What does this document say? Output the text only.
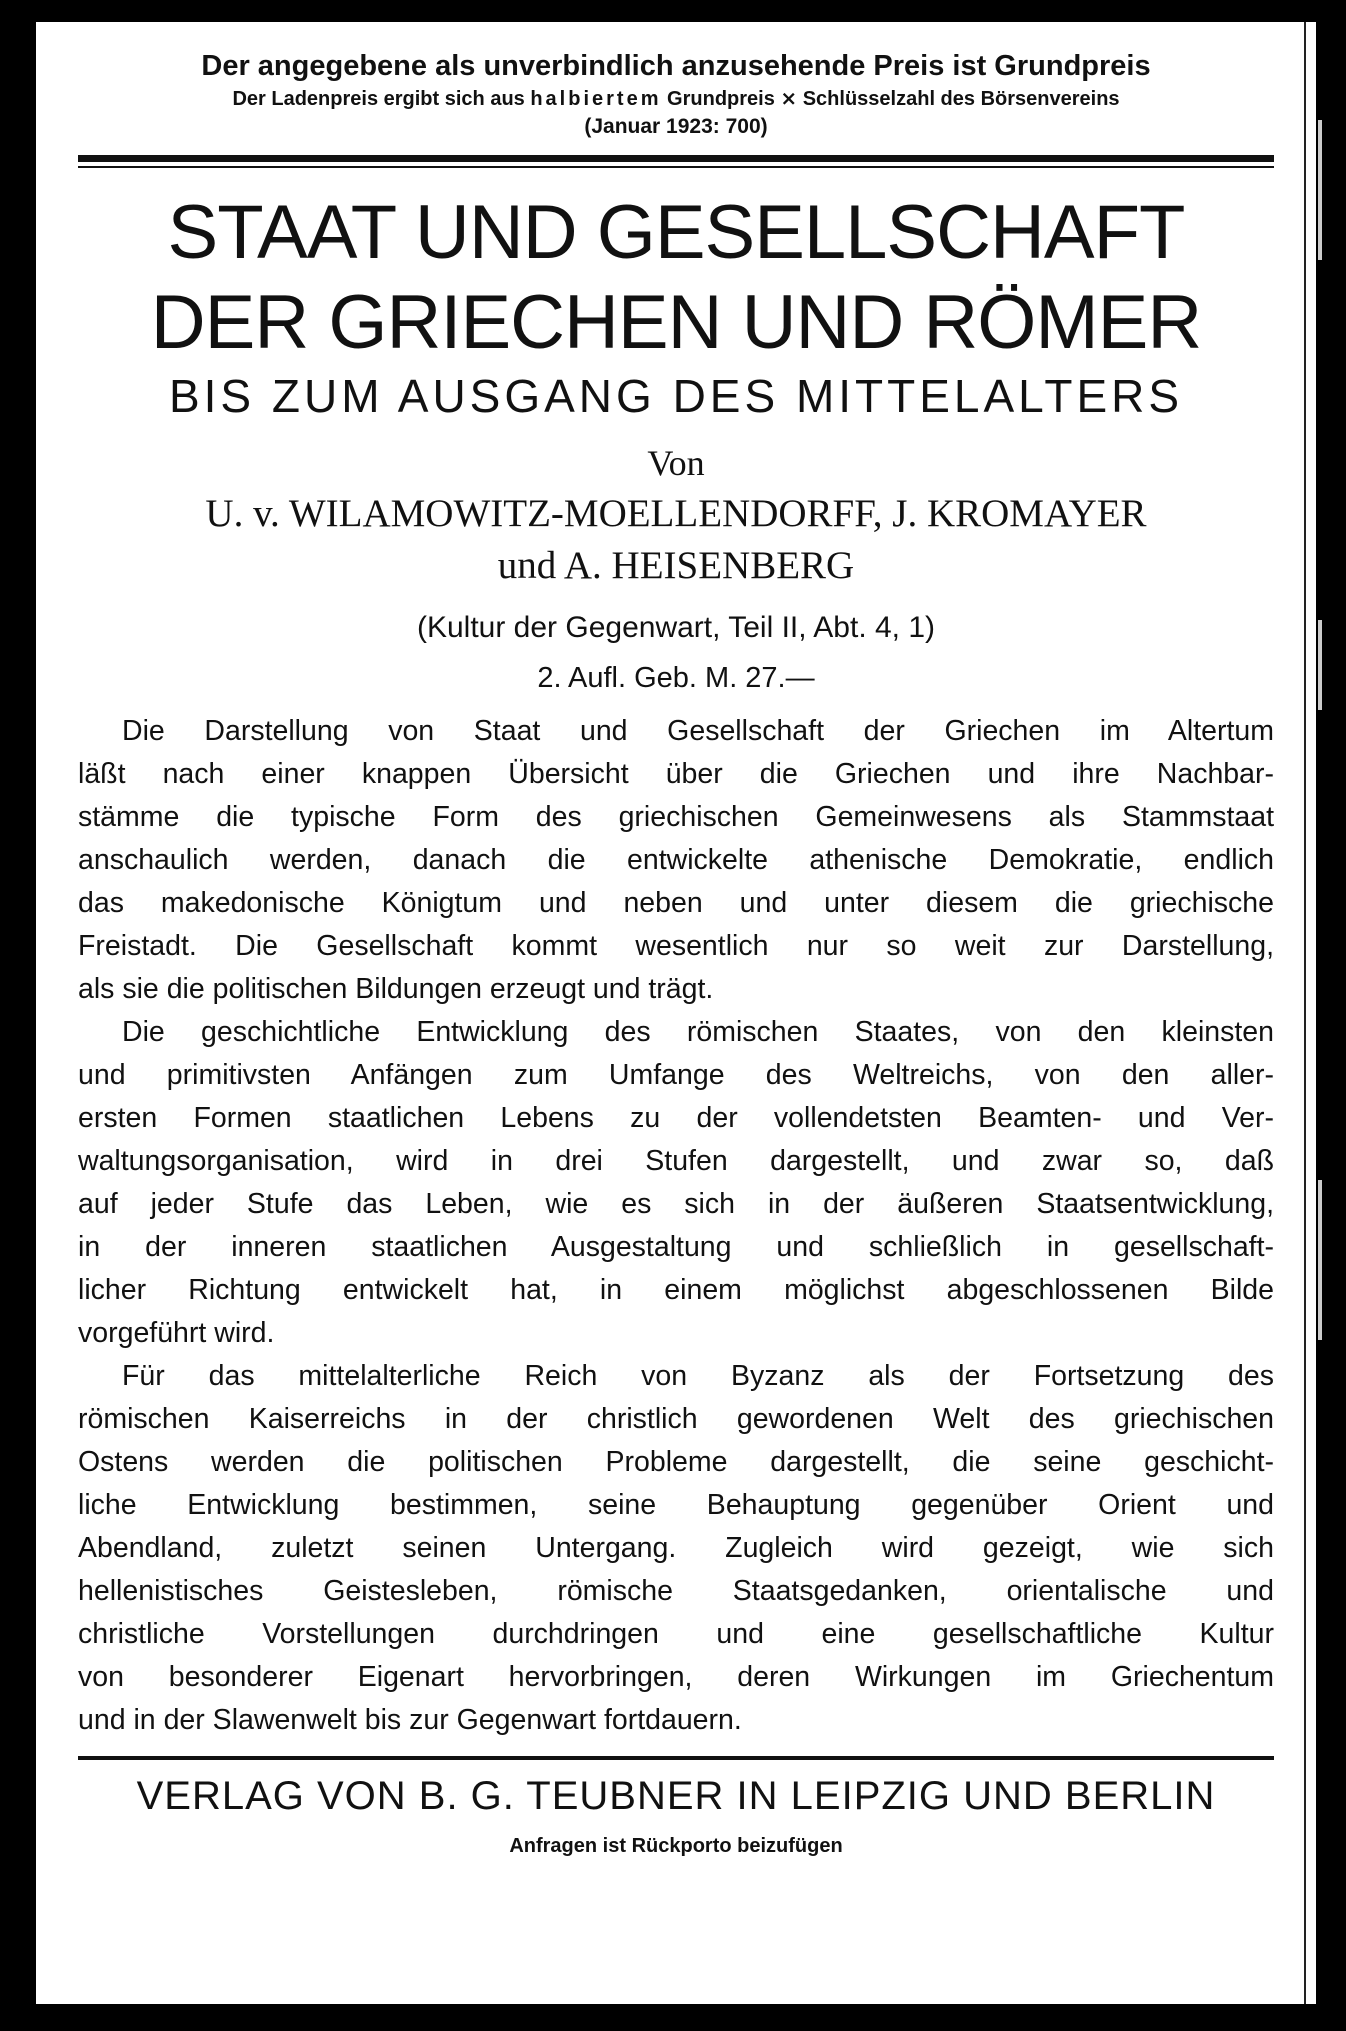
Der angegebene als unverbindlich anzusehende Preis ist Grundpreis
Der Ladenpreis ergibt sich aus halbiertem Grundpreis ⨯ Schlüsselzahl des Börsenvereins
(Januar 1923: 700)
STAAT UND GESELLSCHAFT
DER GRIECHEN UND RÖMER
BIS ZUM AUSGANG DES MITTELALTERS
Von
U. v. WILAMOWITZ-MOELLENDORFF, J. KROMAYER
und A. HEISENBERG
(Kultur der Gegenwart, Teil II, Abt. 4, 1)
2. Aufl. Geb. M. 27.—

Die Darstellung von Staat und Gesellschaft der Griechen im Altertum
läßt nach einer knappen Übersicht über die Griechen und ihre Nachbar-
stämme die typische Form des griechischen Gemeinwesens als Stammstaat
anschaulich werden, danach die entwickelte athenische Demokratie, endlich
das makedonische Königtum und neben und unter diesem die griechische
Freistadt. Die Gesellschaft kommt wesentlich nur so weit zur Darstellung,
als sie die politischen Bildungen erzeugt und trägt.

Die geschichtliche Entwicklung des römischen Staates, von den kleinsten
und primitivsten Anfängen zum Umfange des Weltreichs, von den aller-
ersten Formen staatlichen Lebens zu der vollendetsten Beamten- und Ver-
waltungsorganisation, wird in drei Stufen dargestellt, und zwar so, daß
auf jeder Stufe das Leben, wie es sich in der äußeren Staatsentwicklung,
in der inneren staatlichen Ausgestaltung und schließlich in gesellschaft-
licher Richtung entwickelt hat, in einem möglichst abgeschlossenen Bilde
vorgeführt wird.

Für das mittelalterliche Reich von Byzanz als der Fortsetzung des
römischen Kaiserreichs in der christlich gewordenen Welt des griechischen
Ostens werden die politischen Probleme dargestellt, die seine geschicht-
liche Entwicklung bestimmen, seine Behauptung gegenüber Orient und
Abendland, zuletzt seinen Untergang. Zugleich wird gezeigt, wie sich
hellenistisches Geistesleben, römische Staatsgedanken, orientalische und
christliche Vorstellungen durchdringen und eine gesellschaftliche Kultur
von besonderer Eigenart hervorbringen, deren Wirkungen im Griechentum
und in der Slawenwelt bis zur Gegenwart fortdauern.

VERLAG VON B. G. TEUBNER IN LEIPZIG UND BERLIN
Anfragen ist Rückporto beizufügen
